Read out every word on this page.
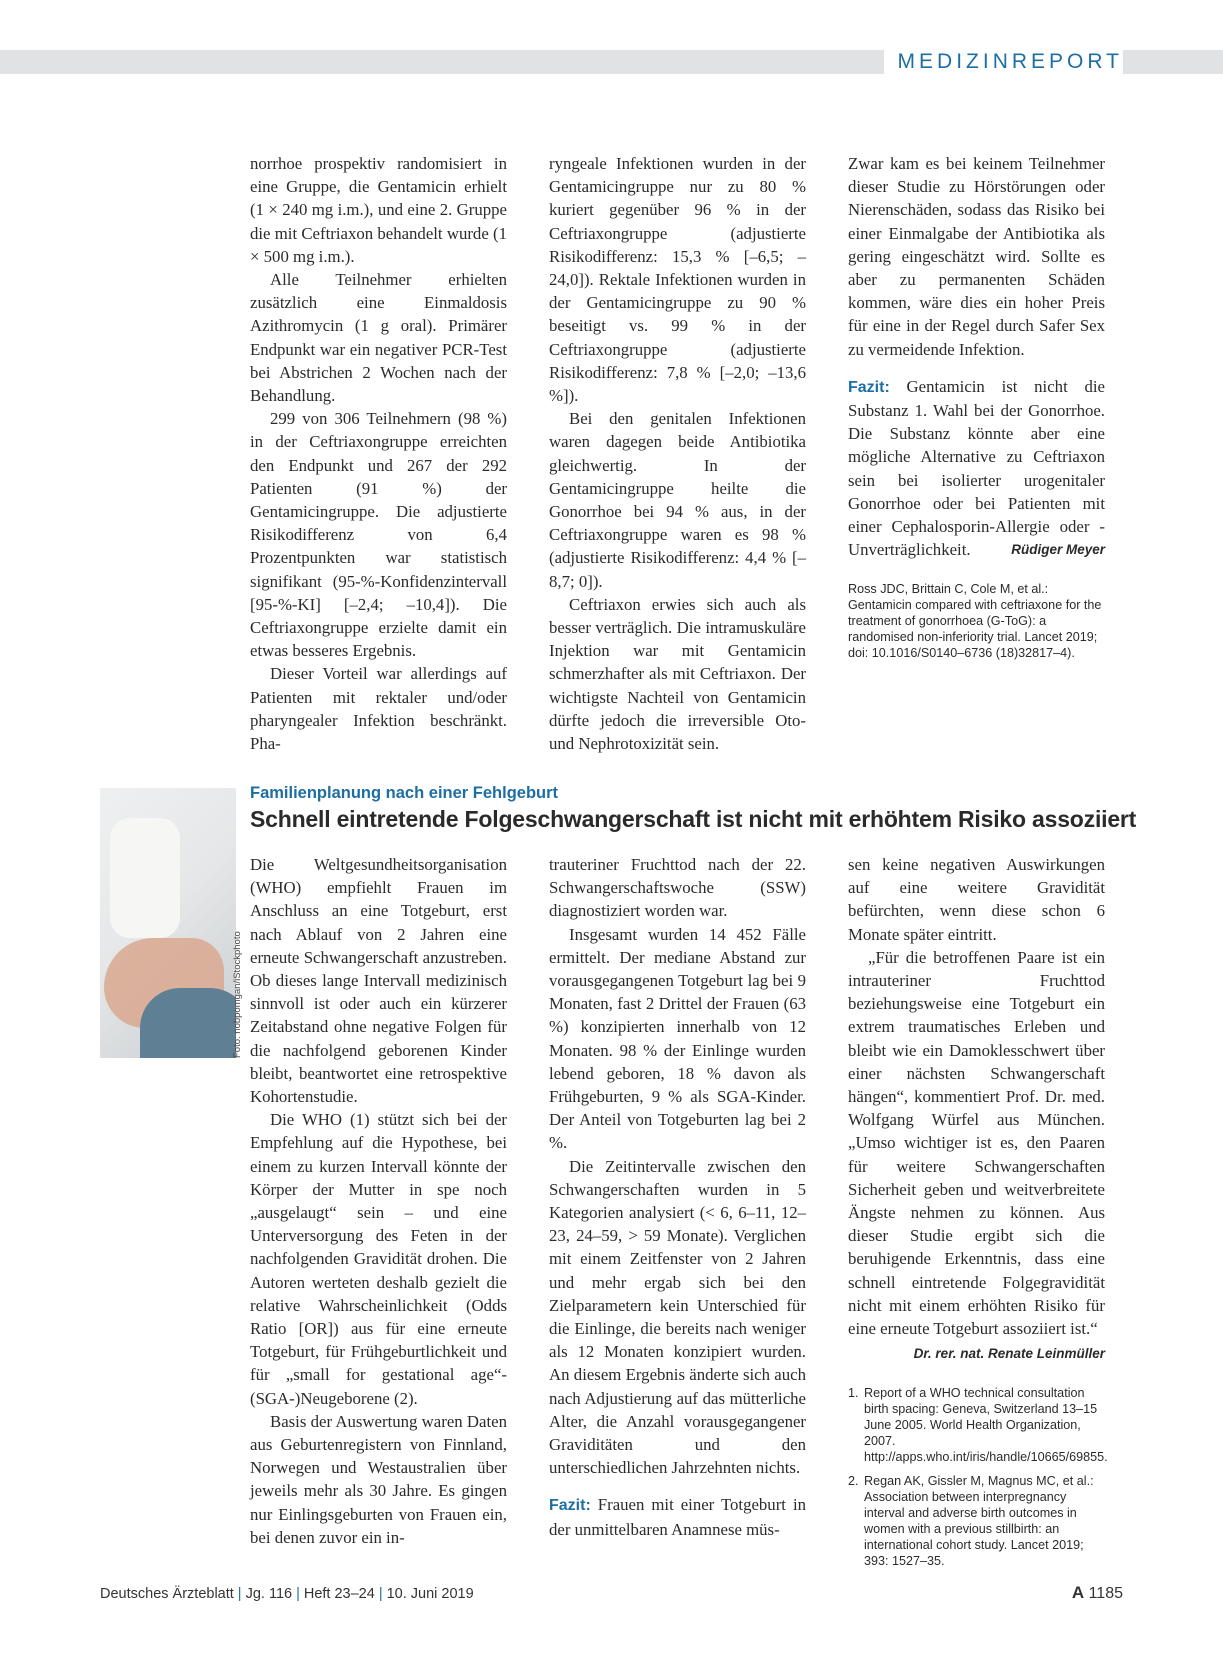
MEDIZINREPORT

norrhoe prospektiv randomisiert in eine Gruppe, die Gentamicin erhielt (1 × 240 mg i.m.), und eine 2. Gruppe die mit Ceftriaxon behandelt wurde (1 × 500 mg i.m.).

Alle Teilnehmer erhielten zusätzlich eine Einmaldosis Azithromycin (1 g oral). Primärer Endpunkt war ein negativer PCR-Test bei Abstrichen 2 Wochen nach der Behandlung.

299 von 306 Teilnehmern (98 %) in der Ceftriaxongruppe erreichten den Endpunkt und 267 der 292 Patienten (91 %) der Gentamicingruppe. Die adjustierte Risikodifferenz von 6,4 Prozentpunkten war statistisch signifikant (95-%-Konfidenzintervall [95-%-KI] [–2,4; –10,4]). Die Ceftriaxongruppe erzielte damit ein etwas besseres Ergebnis.

Dieser Vorteil war allerdings auf Patienten mit rektaler und/oder pharyngealer Infektion beschränkt. Pha-

ryngeale Infektionen wurden in der Gentamicingruppe nur zu 80 % kuriert gegenüber 96 % in der Ceftriaxongruppe (adjustierte Risikodifferenz: 15,3 % [–6,5; –24,0]). Rektale Infektionen wurden in der Gentamicingruppe zu 90 % beseitigt vs. 99 % in der Ceftriaxongruppe (adjustierte Risikodifferenz: 7,8 % [–2,0; –13,6 %]).

Bei den genitalen Infektionen waren dagegen beide Antibiotika gleichwertig. In der Gentamicingruppe heilte die Gonorrhoe bei 94 % aus, in der Ceftriaxongruppe waren es 98 % (adjustierte Risikodifferenz: 4,4 % [–8,7; 0]).

Ceftriaxon erwies sich auch als besser verträglich. Die intramuskuläre Injektion war mit Gentamicin schmerzhafter als mit Ceftriaxon. Der wichtigste Nachteil von Gentamicin dürfte jedoch die irreversible Oto- und Nephrotoxizität sein.

Zwar kam es bei keinem Teilnehmer dieser Studie zu Hörstörungen oder Nierenschäden, sodass das Risiko bei einer Einmalgabe der Antibiotika als gering eingeschätzt wird. Sollte es aber zu permanenten Schäden kommen, wäre dies ein hoher Preis für eine in der Regel durch Safer Sex zu vermeidende Infektion.

Fazit: Gentamicin ist nicht die Substanz 1. Wahl bei der Gonorrhoe. Die Substanz könnte aber eine mögliche Alternative zu Ceftriaxon sein bei isolierter urogenitaler Gonorrhoe oder bei Patienten mit einer Cephalosporin-Allergie oder -Unverträglichkeit.	Rüdiger Meyer

Ross JDC, Brittain C, Cole M, et al.: Gentamicin compared with ceftriaxone for the treatment of gonorrhoea (G-ToG): a randomised non-inferiority trial. Lancet 2019; doi: 10.1016/S0140–6736 (18)32817–4).
Foto: nobpomgan/iStockphoto
Familienplanung nach einer Fehlgeburt
Schnell eintretende Folgeschwangerschaft ist nicht mit erhöhtem Risiko assoziiert

Die Weltgesundheitsorganisation (WHO) empfiehlt Frauen im Anschluss an eine Totgeburt, erst nach Ablauf von 2 Jahren eine erneute Schwangerschaft anzustreben. Ob dieses lange Intervall medizinisch sinnvoll ist oder auch ein kürzerer Zeitabstand ohne negative Folgen für die nachfolgend geborenen Kinder bleibt, beantwortet eine retrospektive Kohortenstudie.

Die WHO (1) stützt sich bei der Empfehlung auf die Hypothese, bei einem zu kurzen Intervall könnte der Körper der Mutter in spe noch „ausgelaugt“ sein – und eine Unterversorgung des Feten in der nachfolgenden Gravidität drohen. Die Autoren werteten deshalb gezielt die relative Wahrscheinlichkeit (Odds Ratio [OR]) aus für eine erneute Totgeburt, für Frühgeburtlichkeit und für „small for gestational age“-(SGA-)Neugeborene (2).

Basis der Auswertung waren Daten aus Geburtenregistern von Finnland, Norwegen und Westaustralien über jeweils mehr als 30 Jahre. Es gingen nur Einlingsgeburten von Frauen ein, bei denen zuvor ein in-

trauteriner Fruchttod nach der 22. Schwangerschaftswoche (SSW) diagnostiziert worden war.

Insgesamt wurden 14 452 Fälle ermittelt. Der mediane Abstand zur vorausgegangenen Totgeburt lag bei 9 Monaten, fast 2 Drittel der Frauen (63 %) konzipierten innerhalb von 12 Monaten. 98 % der Einlinge wurden lebend geboren, 18 % davon als Frühgeburten, 9 % als SGA-Kinder. Der Anteil von Totgeburten lag bei 2 %.

Die Zeitintervalle zwischen den Schwangerschaften wurden in 5 Kategorien analysiert (< 6, 6–11, 12–23, 24–59, > 59 Monate). Verglichen mit einem Zeitfenster von 2 Jahren und mehr ergab sich bei den Zielparametern kein Unterschied für die Einlinge, die bereits nach weniger als 12 Monaten konzipiert wurden. An diesem Ergebnis änderte sich auch nach Adjustierung auf das mütterliche Alter, die Anzahl vorausgegangener Graviditäten und den unterschiedlichen Jahrzehnten nichts.

Fazit: Frauen mit einer Totgeburt in der unmittelbaren Anamnese müs-

sen keine negativen Auswirkungen auf eine weitere Gravidität befürchten, wenn diese schon 6 Monate später eintritt.

„Für die betroffenen Paare ist ein intrauteriner Fruchttod beziehungsweise eine Totgeburt ein extrem traumatisches Erleben und bleibt wie ein Damoklesschwert über einer nächsten Schwangerschaft hängen“, kommentiert Prof. Dr. med. Wolfgang Würfel aus München. „Umso wichtiger ist es, den Paaren für weitere Schwangerschaften Sicherheit geben und weitverbreitete Ängste nehmen zu können. Aus dieser Studie ergibt sich die beruhigende Erkenntnis, dass eine schnell eintretende Folgegravidität nicht mit einem erhöhten Risiko für eine erneute Totgeburt assoziiert ist.“

Dr. rer. nat. Renate Leinmüller
1. Report of a WHO technical consultation birth spacing: Geneva, Switzerland 13–15 June 2005. World Health Organization, 2007. http://apps.who.int/iris/handle/10665/69855.
2. Regan AK, Gissler M, Magnus MC, et al.: Association between interpregnancy interval and adverse birth outcomes in women with a previous stillbirth: an international cohort study. Lancet 2019; 393: 1527–35.
Deutsches Ärzteblatt | Jg. 116 | Heft 23–24 | 10. Juni 2019	A 1185
